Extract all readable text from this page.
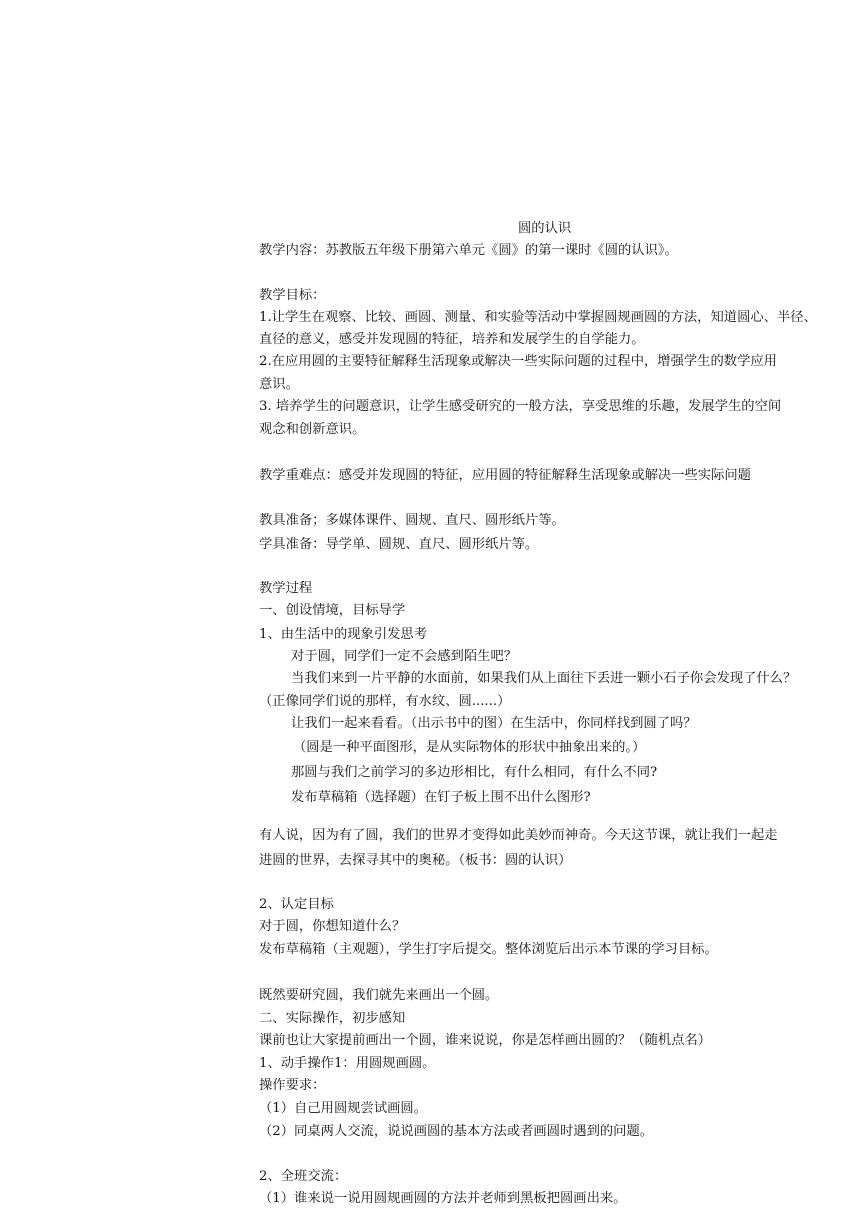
圆的认识
教学内容：苏教版五年级下册第六单元《圆》的第一课时《圆的认识》。
教学目标：
1.让学生在观察、比较、画圆、测量、和实验等活动中掌握圆规画圆的方法，知道圆心、半径、
直径的意义，感受并发现圆的特征，培养和发展学生的自学能力。
2.在应用圆的主要特征解释生活现象或解决一些实际问题的过程中，增强学生的数学应用
意识。
3. 培养学生的问题意识，让学生感受研究的一般方法，享受思维的乐趣，发展学生的空间
观念和创新意识。
教学重难点：感受并发现圆的特征，应用圆的特征解释生活现象或解决一些实际问题
教具准备；多媒体课件、圆规、直尺、圆形纸片等。
学具准备：导学单、圆规、直尺、圆形纸片等。
教学过程
一、创设情境，目标导学
1、由生活中的现象引发思考
对于圆，同学们一定不会感到陌生吧？
当我们来到一片平静的水面前，如果我们从上面往下丢进一颗小石子你会发现了什么？
（正像同学们说的那样，有水纹、圆......）
让我们一起来看看。（出示书中的图）在生活中，你同样找到圆了吗？
（圆是一种平面图形，是从实际物体的形状中抽象出来的。）
那圆与我们之前学习的多边形相比，有什么相同，有什么不同?
发布草稿箱（选择题）在钉子板上围不出什么图形?
有人说，因为有了圆，我们的世界才变得如此美妙而神奇。今天这节课，就让我们一起走
进圆的世界，去探寻其中的奥秘。（板书：圆的认识）
2、认定目标
对于圆，你想知道什么？
发布草稿箱（主观题），学生打字后提交。整体浏览后出示本节课的学习目标。
既然要研究圆，我们就先来画出一个圆。
二、实际操作，初步感知
课前也让大家提前画出一个圆，谁来说说，你是怎样画出圆的？（随机点名）
1、动手操作1：用圆规画圆。
操作要求：
（1）自己用圆规尝试画圆。
（2）同桌两人交流，说说画圆的基本方法或者画圆时遇到的问题。
2、全班交流：
（1）谁来说一说用圆规画圆的方法并老师到黑板把圆画出来。
